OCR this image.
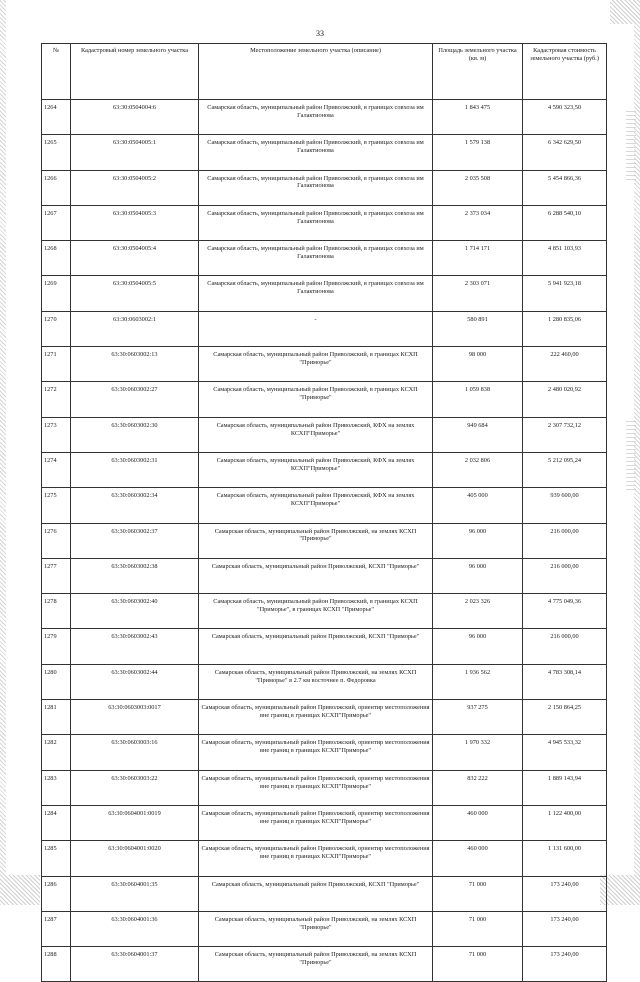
33
№	Кадастровый номер земельного участка	Местоположение земельного участка (описание)	Площадь земельного участка (кв. м)	Кадастровая стоимость земельного участка (руб.)
1264	63:30:0504004:6	Самарская область, муниципальный район Приволжский, в границах совхоза им Галактионова	1 843 475	4 590 323,50
1265	63:30:0504005:1	Самарская область, муниципальный район Приволжский, в границах совхоза им Галактионова	1 579 138	6 342 629,50
1266	63:30:0504005:2	Самарская область, муниципальный район Приволжский, в границах совхоза им Галактионова	2 035 508	5 454 866,36
1267	63:30:0504005:3	Самарская область, муниципальный район Приволжский, в границах совхоза им Галактионова	2 373 034	6 288 540,10
1268	63:30:0504005:4	Самарская область, муниципальный район Приволжский, в границах совхоза им Галактионова	1 714 171	4 851 103,93
1269	63:30:0504005:5	Самарская область, муниципальный район Приволжский, в границах совхоза им Галактионова	2 303 071	5 941 923,18
1270	63:30:0603002:1	-	580 891	1 280 835,06
1271	63:30:0603002:13	Самарская область, муниципальный район Приволжский, в границах КСХП "Приморье"	98 000	222 460,00
1272	63:30:0603002:27	Самарская область, муниципальный район Приволжский, в границах КСХП "Приморье"	1 059 838	2 480 020,92
1273	63:30:0603002:30	Самарская область, муниципальный район Приволжский, КФХ на землях КСХП"Приморье"	949 684	2 307 732,12
1274	63:30:0603002:31	Самарская область, муниципальный район Приволжский, КФХ на землях КСХП"Приморье"	2 032 806	5 212 095,24
1275	63:30:0603002:34	Самарская область, муниципальный район Приволжский, КФХ на землях КСХП"Приморье"	405 000	939 600,00
1276	63:30:0603002:37	Самарская область, муниципальный район Приволжский, на землях КСХП "Приморье"	96 000	216 000,00
1277	63:30:0603002:38	Самарская область, муниципальный район Приволжский, КСХП "Приморье"	96 000	216 000,00
1278	63:30:0603002:40	Самарская область, муниципальный район Приволжский, в границах КСХП "Приморье", в границах КСХП "Приморье"	2 023 326	4 775 049,36
1279	63:30:0603002:43	Самарская область, муниципальный район Приволжский, КСХП "Приморье"	96 000	216 000,00
1280	63:30:0603002:44	Самарская область, муниципальный район Приволжский, на землях КСХП "Приморье" в 2.7 км восточнее п. Федоровка	1 936 562	4 783 308,14
1281	63:30:0603003:0017	Самарская область, муниципальный район Приволжский, ориентир местоположения вне границ в границах КСХП"Приморье"	937 275	2 150 864,25
1282	63:30:0603003:16	Самарская область, муниципальный район Приволжский, ориентир местоположения вне границ в границах КСХП"Приморье"	1 970 332	4 945 533,32
1283	63:30:0603003:22	Самарская область, муниципальный район Приволжский, ориентир местоположения вне границ в границах КСХП"Приморье"	832 222	1 889 143,94
1284	63:30:0604001:0019	Самарская область, муниципальный район Приволжский, ориентир местоположения вне границ в границах КСХП"Приморье"	460 000	1 122 400,00
1285	63:30:0604001:0020	Самарская область, муниципальный район Приволжский, ориентир местоположения вне границ в границах КСХП"Приморье"	460 000	1 131 600,00
1286	63:30:0604001:35	Самарская область, муниципальный район Приволжский, КСХП "Приморье"	71 000	173 240,00
1287	63:30:0604001:36	Самарская область, муниципальный район Приволжский, на землях КСХП "Приморье"	71 000	173 240,00
1288	63:30:0604001:37	Самарская область, муниципальный район Приволжский, на землях КСХП "Приморье"	71 000	173 240,00
